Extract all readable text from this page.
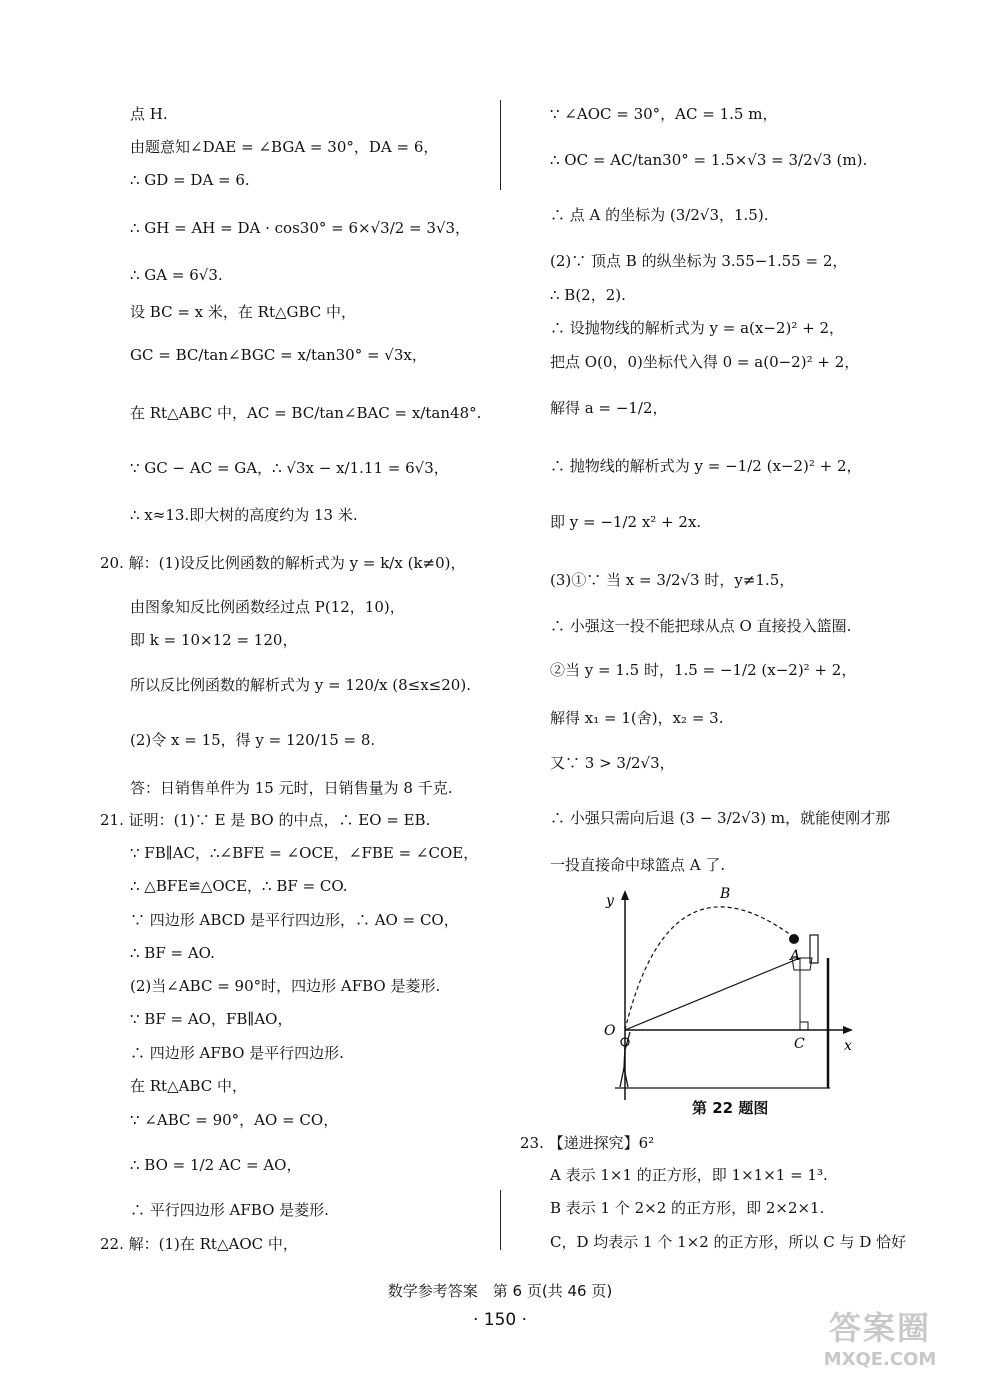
点 H.
由题意知∠DAE = ∠BGA = 30°，DA = 6，
∴ GD = DA = 6.
∴ GH = AH = DA · cos30° = 6×√3/2 = 3√3，
∴ GA = 6√3.
设 BC = x 米，在 Rt△GBC 中，
GC = BC/tan∠BGC = x/tan30° = √3x，
在 Rt△ABC 中，AC = BC/tan∠BAC = x/tan48°.
∵ GC − AC = GA，∴ √3x − x/1.11 = 6√3，
∴ x≈13.即大树的高度约为 13 米.
20. 解：(1)设反比例函数的解析式为 y = k/x (k≠0)，
由图象知反比例函数经过点 P(12，10)，
即 k = 10×12 = 120，
所以反比例函数的解析式为 y = 120/x (8≤x≤20).
(2)令 x = 15，得 y = 120/15 = 8.
答：日销售单件为 15 元时，日销售量为 8 千克.
21. 证明：(1)∵ E 是 BO 的中点，∴ EO = EB.
∵ FB∥AC，∴∠BFE = ∠OCE，∠FBE = ∠COE，
∴ △BFE≌△OCE，∴ BF = CO.
∵ 四边形 ABCD 是平行四边形，∴ AO = CO，
∴ BF = AO.
(2)当∠ABC = 90°时，四边形 AFBO 是菱形.
∵ BF = AO，FB∥AO，
∴ 四边形 AFBO 是平行四边形.
在 Rt△ABC 中，
∵ ∠ABC = 90°，AO = CO，
∴ BO = 1/2 AC = AO，
∴ 平行四边形 AFBO 是菱形.
22. 解：(1)在 Rt△AOC 中，
∵ ∠AOC = 30°，AC = 1.5 m，
∴ OC = AC/tan30° = 1.5×√3 = 3/2√3 (m).
∴ 点 A 的坐标为 (3/2√3，1.5).
(2)∵ 顶点 B 的纵坐标为 3.55−1.55 = 2，
∴ B(2，2).
∴ 设抛物线的解析式为 y = a(x−2)² + 2，
把点 O(0，0)坐标代入得 0 = a(0−2)² + 2，
解得 a = −1/2，
∴ 抛物线的解析式为 y = −1/2 (x−2)² + 2，
即 y = −1/2 x² + 2x.
(3)①∵ 当 x = 3/2√3 时，y≠1.5，
∴ 小强这一投不能把球从点 O 直接投入篮圈.
②当 y = 1.5 时，1.5 = −1/2 (x−2)² + 2，
解得 x₁ = 1(舍)，x₂ = 3.
又∵ 3 > 3/2√3，
∴ 小强只需向后退 (3 − 3/2√3) m，就能使刚才那
一投直接命中球篮点 A 了.
23. 【递进探究】6²
A 表示 1×1 的正方形，即 1×1×1 = 1³.
B 表示 1 个 2×2 的正方形，即 2×2×1.
C，D 均表示 1 个 1×2 的正方形，所以 C 与 D 恰好
y
x
O
B
A
C
第 22 题图
数学参考答案　第 6 页(共 46 页)
· 150 ·	答案圈
MXQE.COM
